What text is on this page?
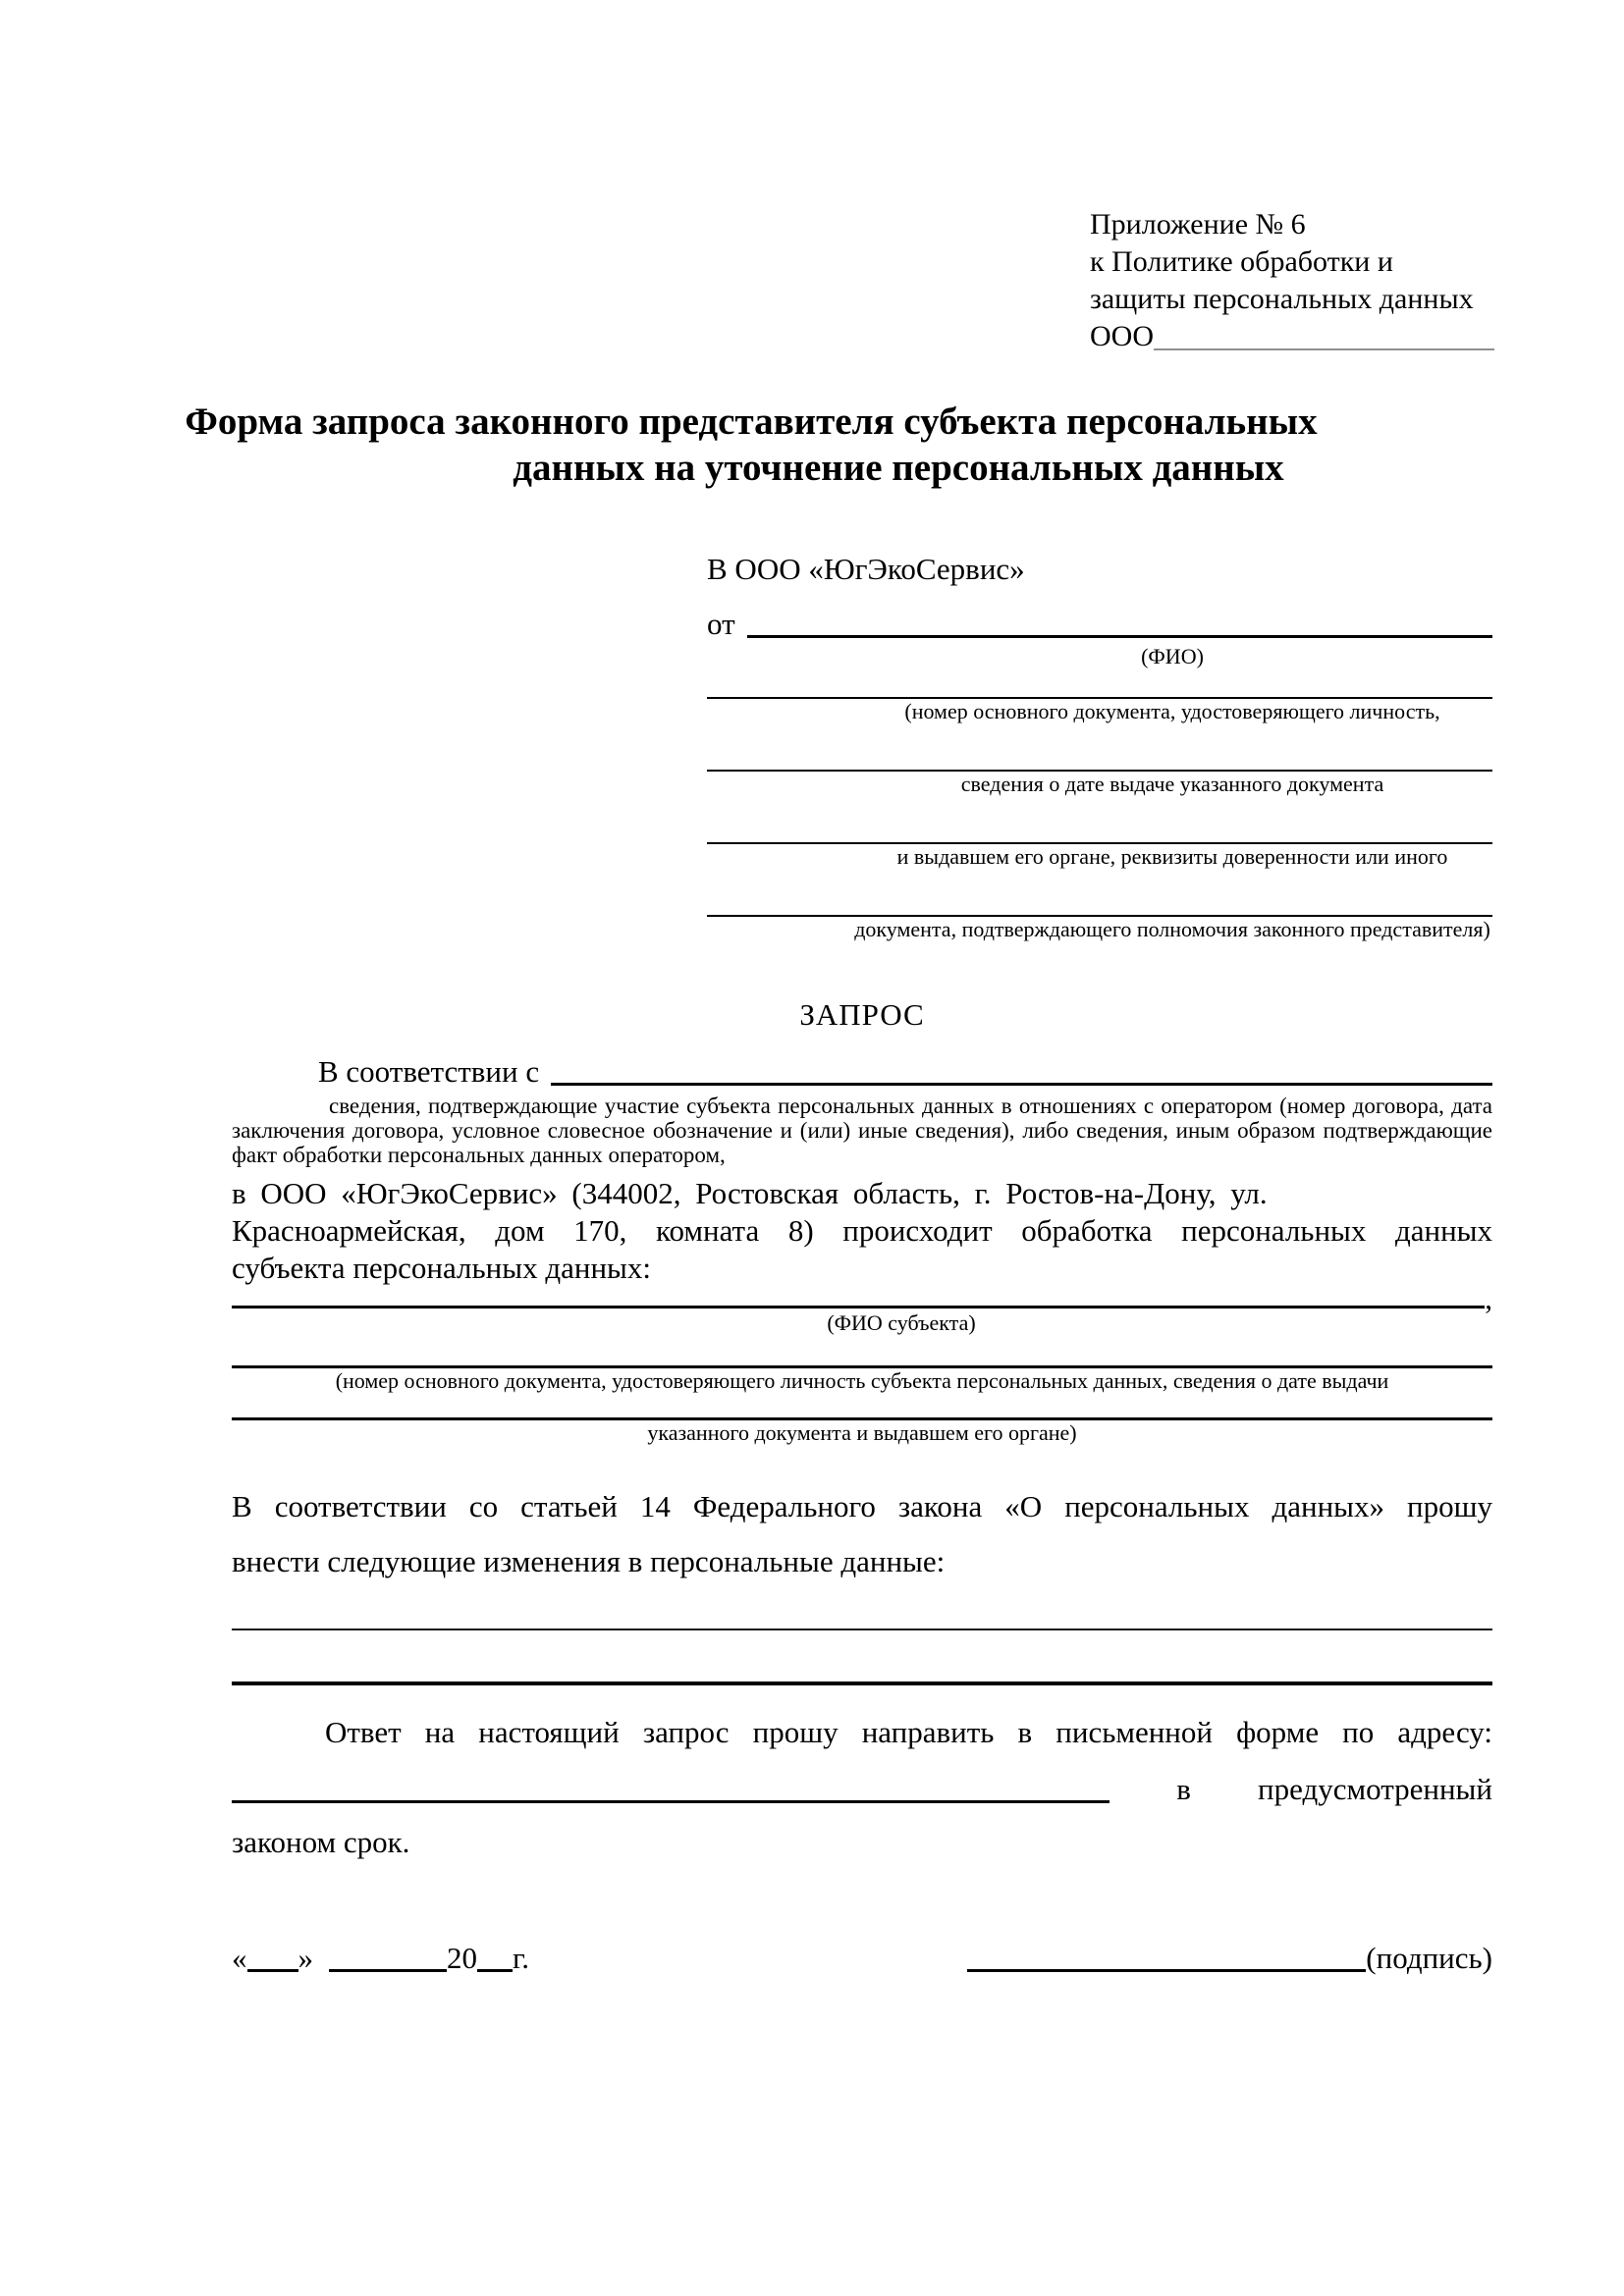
Приложение № 6
к Политике обработки и
защиты персональных данных
ООО
Форма запроса законного представителя субъекта персональных
данных на уточнение персональных данных
В ООО «ЮгЭкоСервис»
от
(ФИО)
(номер основного документа, удостоверяющего личность,
сведения о дате выдаче указанного документа
и выдавшем его органе, реквизиты доверенности или иного
документа, подтверждающего полномочия законного представителя)
ЗАПРОС
В соответствии с
сведения, подтверждающие участие субъекта персональных данных в отношениях с оператором (номер договора, дата заключения договора, условное словесное обозначение и (или) иные сведения), либо сведения, иным образом подтверждающие факт обработки персональных данных оператором,
в ООО «ЮгЭкоСервис» (344002, Ростовская область, г. Ростов-на-Дону, ул.
Красноармейская, дом 170, комната 8) происходит обработка персональных данных
субъекта персональных данных:
,
(ФИО субъекта)
(номер основного документа, удостоверяющего личность субъекта персональных данных, сведения о дате выдачи
указанного документа и выдавшем его органе)
В соответствии со статьей 14 Федерального закона «О персональных данных» прошу
внести следующие изменения в персональные данные:
Ответ на настоящий запрос прошу направить в письменной форме по адресу:
в предусмотренный
законом срок.
« »	20 г.	(подпись)
